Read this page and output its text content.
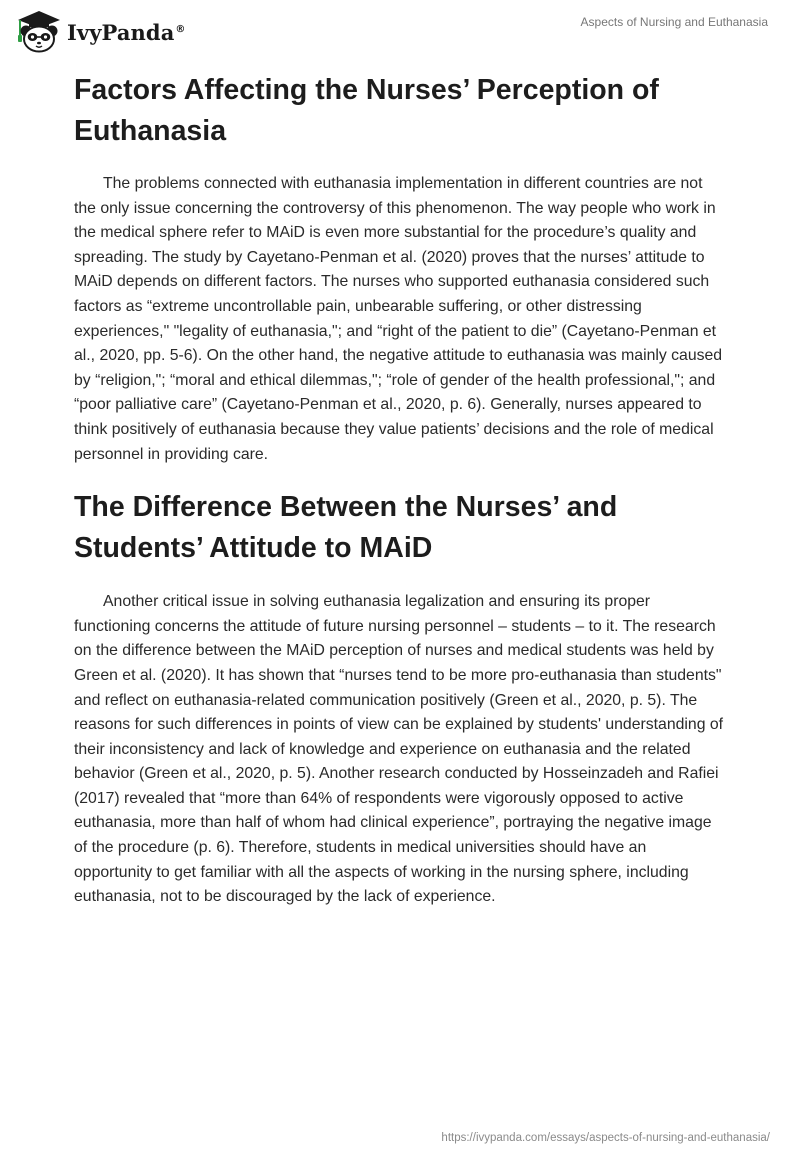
IvyPanda®	Aspects of Nursing and Euthanasia
Factors Affecting the Nurses’ Perception of Euthanasia

The problems connected with euthanasia implementation in different countries are not the only issue concerning the controversy of this phenomenon. The way people who work in the medical sphere refer to MAiD is even more substantial for the procedure’s quality and spreading. The study by Cayetano-Penman et al. (2020) proves that the nurses’ attitude to MAiD depends on different factors. The nurses who supported euthanasia considered such factors as “extreme uncontrollable pain, unbearable suffering, or other distressing experiences," "legality of euthanasia,"; and “right of the patient to die” (Cayetano-Penman et al., 2020, pp. 5-6). On the other hand, the negative attitude to euthanasia was mainly caused by “religion,"; “moral and ethical dilemmas,"; “role of gender of the health professional,"; and “poor palliative care” (Cayetano-Penman et al., 2020, p. 6). Generally, nurses appeared to think positively of euthanasia because they value patients’ decisions and the role of medical personnel in providing care.

The Difference Between the Nurses’ and Students’ Attitude to MAiD

Another critical issue in solving euthanasia legalization and ensuring its proper functioning concerns the attitude of future nursing personnel – students – to it. The research on the difference between the MAiD perception of nurses and medical students was held by Green et al. (2020). It has shown that “nurses tend to be more pro-euthanasia than students" and reflect on euthanasia-related communication positively (Green et al., 2020, p. 5). The reasons for such differences in points of view can be explained by students' understanding of their inconsistency and lack of knowledge and experience on euthanasia and the related behavior (Green et al., 2020, p. 5). Another research conducted by Hosseinzadeh and Rafiei (2017) revealed that “more than 64% of respondents were vigorously opposed to active euthanasia, more than half of whom had clinical experience”, portraying the negative image of the procedure (p. 6). Therefore, students in medical universities should have an opportunity to get familiar with all the aspects of working in the nursing sphere, including euthanasia, not to be discouraged by the lack of experience.

https://ivypanda.com/essays/aspects-of-nursing-and-euthanasia/
